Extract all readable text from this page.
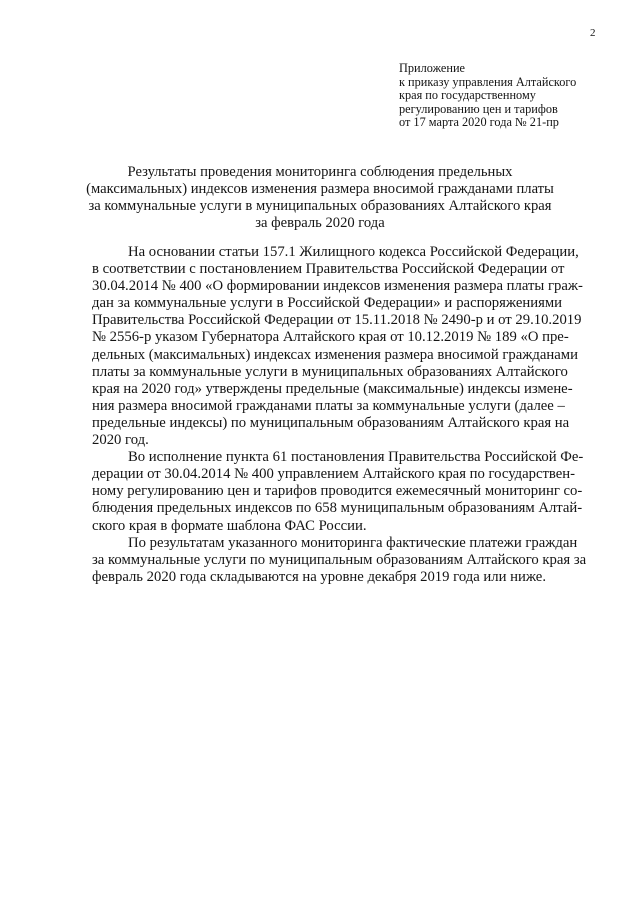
2
Приложение
к приказу управления Алтайского
края по государственному
регулированию цен и тарифов
от 17 марта 2020 года № 21-пр
Результаты проведения мониторинга соблюдения предельных
(максимальных) индексов изменения размера вносимой гражданами платы
за коммунальные услуги в муниципальных образованиях Алтайского края
за февраль 2020 года

На основании статьи 157.1 Жилищного кодекса Российской Федерации,
в соответствии с постановлением Правительства Российской Федерации от
30.04.2014 № 400 «О формировании индексов изменения размера платы граж-
дан за коммунальные услуги в Российской Федерации» и распоряжениями
Правительства Российской Федерации от 15.11.2018 № 2490-р и от 29.10.2019
№ 2556-р указом Губернатора Алтайского края от 10.12.2019 № 189 «О пре-
дельных (максимальных) индексах изменения размера вносимой гражданами
платы за коммунальные услуги в муниципальных образованиях Алтайского
края на 2020 год» утверждены предельные (максимальные) индексы измене-
ния размера вносимой гражданами платы за коммунальные услуги (далее –
предельные индексы) по муниципальным образованиям Алтайского края на
2020 год.

Во исполнение пункта 61 постановления Правительства Российской Фе-
дерации от 30.04.2014 № 400 управлением Алтайского края по государствен-
ному регулированию цен и тарифов проводится ежемесячный мониторинг со-
блюдения предельных индексов по 658 муниципальным образованиям Алтай-
ского края в формате шаблона ФАС России.

По результатам указанного мониторинга фактические платежи граждан
за коммунальные услуги по муниципальным образованиям Алтайского края за
февраль 2020 года складываются на уровне декабря 2019 года или ниже.
